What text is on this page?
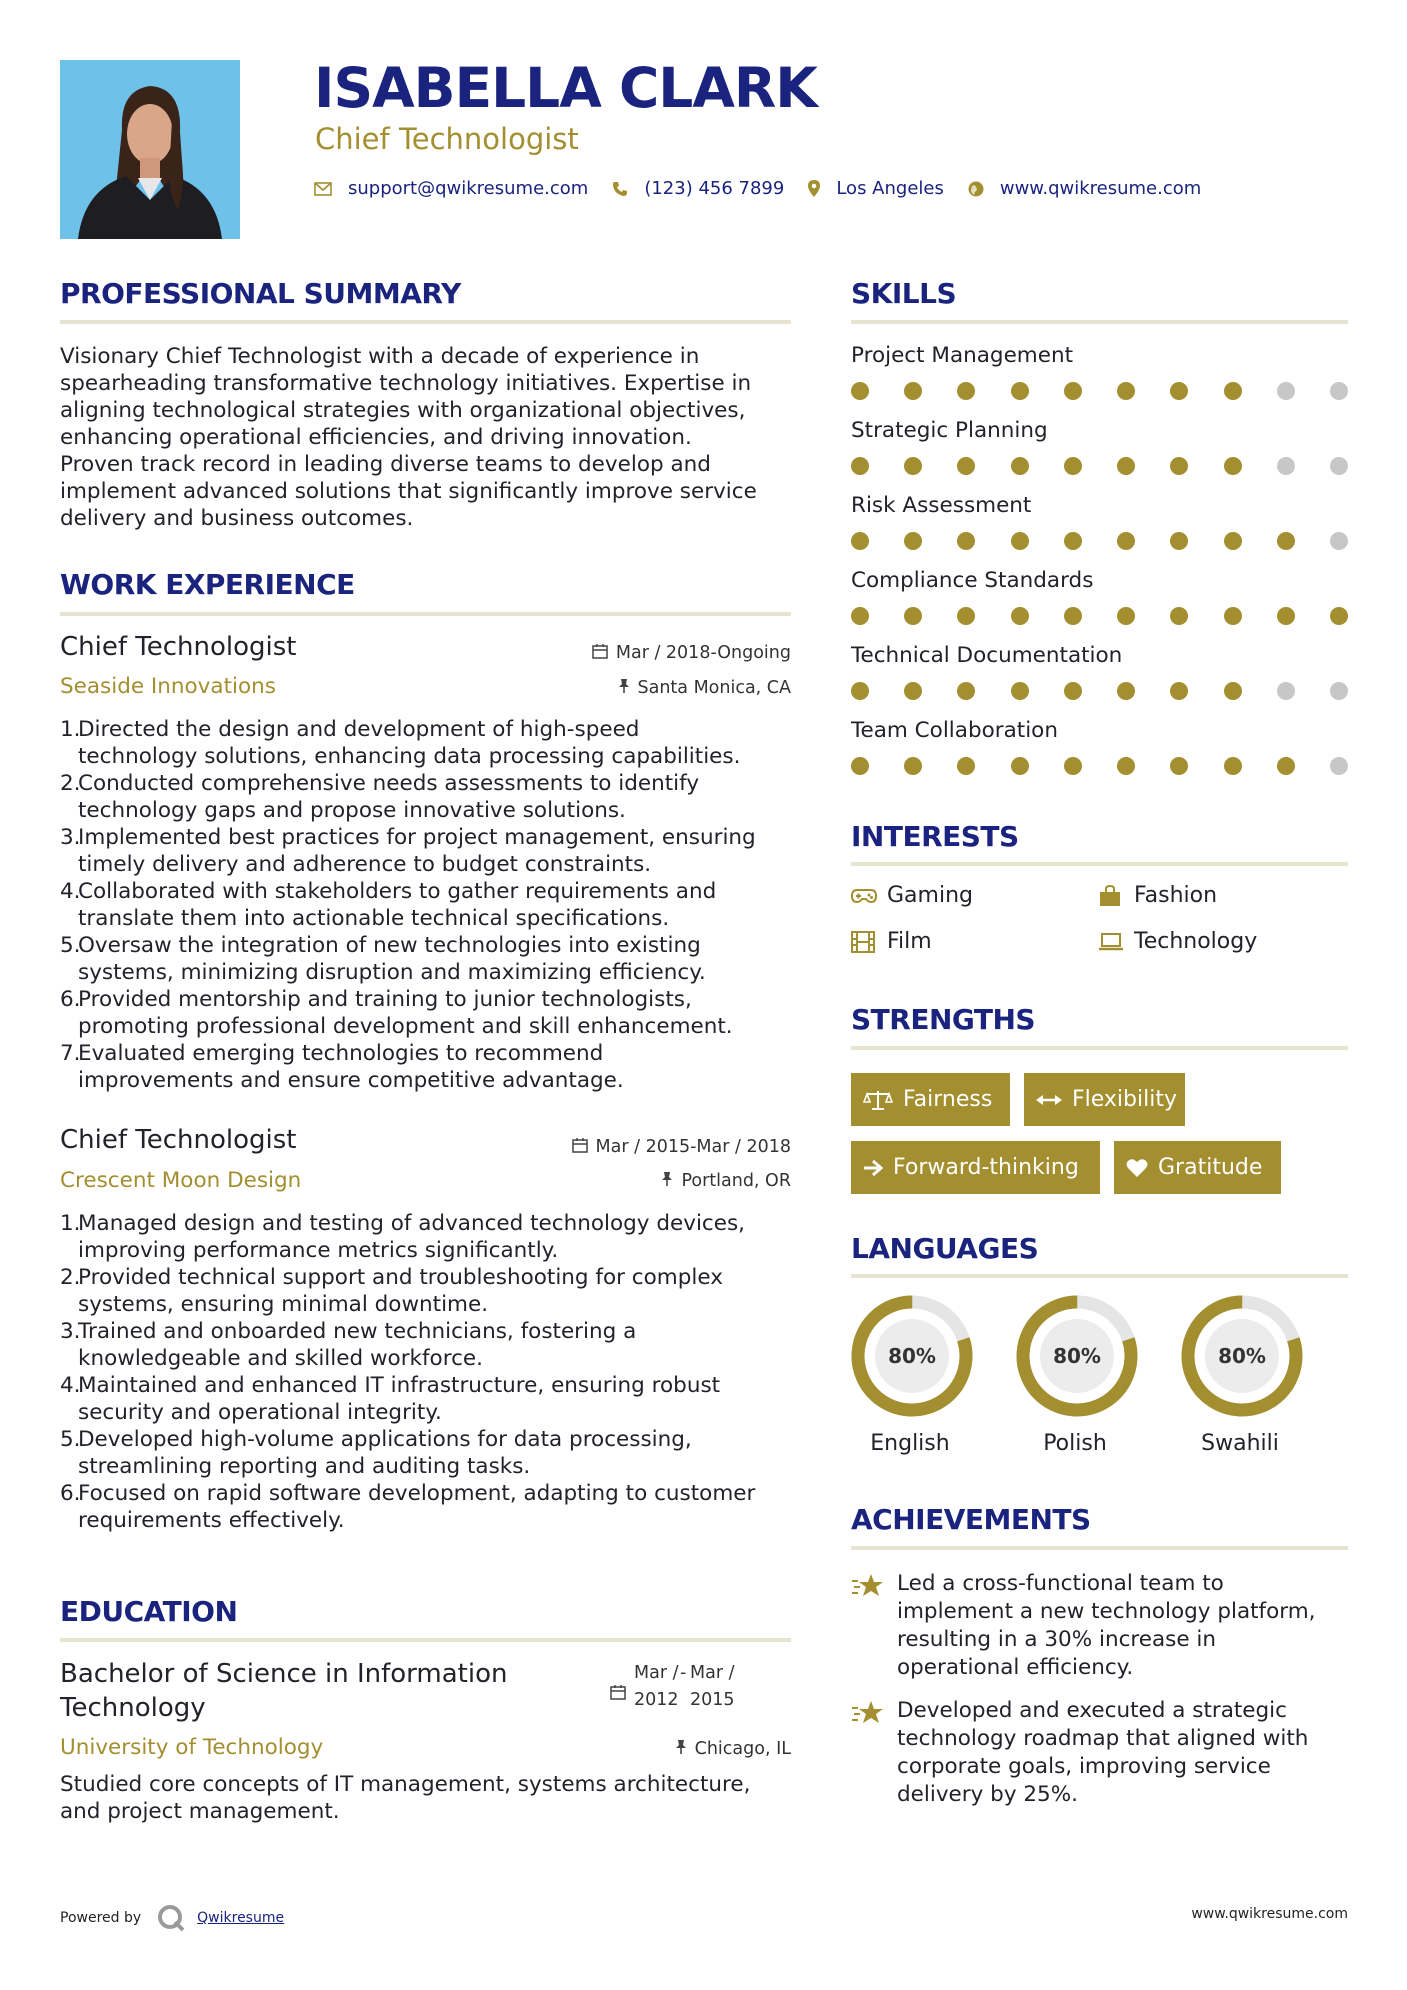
ISABELLA CLARK
Chief Technologist
support@qwikresume.com	(123) 456 7899	Los Angeles	www.qwikresume.com
PROFESSIONAL SUMMARY
Visionary Chief Technologist with a decade of experience in
spearheading transformative technology initiatives. Expertise in
aligning technological strategies with organizational objectives,
enhancing operational efficiencies, and driving innovation.
Proven track record in leading diverse teams to develop and
implement advanced solutions that significantly improve service
delivery and business outcomes.
WORK EXPERIENCE
Chief Technologist
Seaside Innovations
Mar / 2018-Ongoing
Santa Monica, CA
1.
Directed the design and development of high-speed
technology solutions, enhancing data processing capabilities.
2.
Conducted comprehensive needs assessments to identify
technology gaps and propose innovative solutions.
3.
Implemented best practices for project management, ensuring
timely delivery and adherence to budget constraints.
4.
Collaborated with stakeholders to gather requirements and
translate them into actionable technical specifications.
5.
Oversaw the integration of new technologies into existing
systems, minimizing disruption and maximizing efficiency.
6.
Provided mentorship and training to junior technologists,
promoting professional development and skill enhancement.
7.
Evaluated emerging technologies to recommend
improvements and ensure competitive advantage.
Chief Technologist
Crescent Moon Design
Mar / 2015-Mar / 2018
Portland, OR
1.
Managed design and testing of advanced technology devices,
improving performance metrics significantly.
2.
Provided technical support and troubleshooting for complex
systems, ensuring minimal downtime.
3.
Trained and onboarded new technicians, fostering a
knowledgeable and skilled workforce.
4.
Maintained and enhanced IT infrastructure, ensuring robust
security and operational integrity.
5.
Developed high-volume applications for data processing,
streamlining reporting and auditing tasks.
6.
Focused on rapid software development, adapting to customer
requirements effectively.
EDUCATION
Bachelor of Science in Information
Technology
University of Technology
Mar /
2012
- Mar /
2015
Chicago, IL
Studied core concepts of IT management, systems architecture,
and project management.
SKILLS
Project Management
Strategic Planning
Risk Assessment
Compliance Standards
Technical Documentation
Team Collaboration
INTERESTS
Gaming	Fashion
Film	Technology
STRENGTHS
Fairness	Flexibility
Forward-thinking	Gratitude
LANGUAGES
80%	80%	80%
English	Polish	Swahili
ACHIEVEMENTS
Led a cross-functional team to
implement a new technology platform,
resulting in a 30% increase in
operational efficiency.
Developed and executed a strategic
technology roadmap that aligned with
corporate goals, improving service
delivery by 25%.
Powered by	Qwikresume	www.qwikresume.com
